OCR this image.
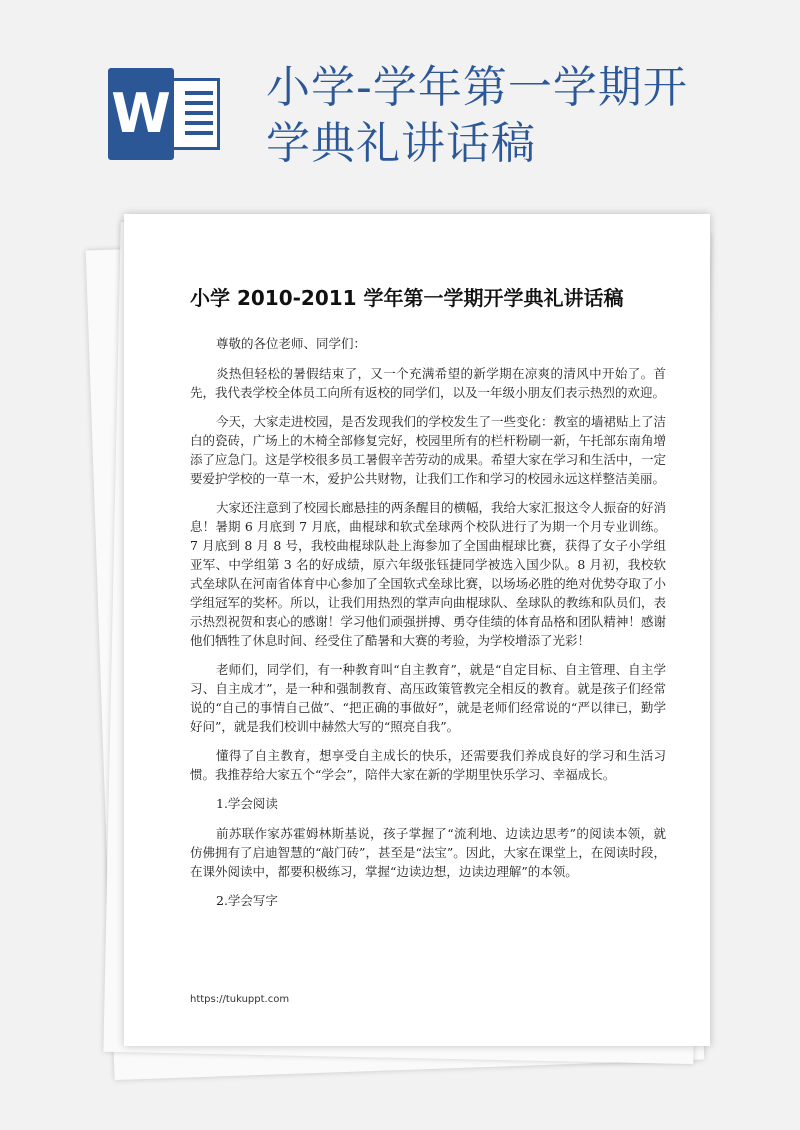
W 小学-学年第一学期开学典礼讲话稿
小学 2010-2011 学年第一学期开学典礼讲话稿

尊敬的各位老师、同学们：

炎热但轻松的暑假结束了，又一个充满希望的新学期在凉爽的清风中开始了。首先，我代表学校全体员工向所有返校的同学们，以及一年级小朋友们表示热烈的欢迎。

今天，大家走进校园，是否发现我们的学校发生了一些变化：教室的墙裙贴上了洁白的瓷砖，广场上的木椅全部修复完好，校园里所有的栏杆粉刷一新，午托部东南角增添了应急门。这是学校很多员工暑假辛苦劳动的成果。希望大家在学习和生活中，一定要爱护学校的一草一木，爱护公共财物，让我们工作和学习的校园永远这样整洁美丽。

大家还注意到了校园长廊悬挂的两条醒目的横幅，我给大家汇报这令人振奋的好消息！暑期 6 月底到 7 月底，曲棍球和软式垒球两个校队进行了为期一个月专业训练。7 月底到 8 月 8 号，我校曲棍球队赴上海参加了全国曲棍球比赛，获得了女子小学组亚军、中学组第 3 名的好成绩，原六年级张钰捷同学被选入国少队。8 月初，我校软式垒球队在河南省体育中心参加了全国软式垒球比赛，以场场必胜的绝对优势夺取了小学组冠军的奖杯。所以，让我们用热烈的掌声向曲棍球队、垒球队的教练和队员们，表示热烈祝贺和衷心的感谢！学习他们顽强拼搏、勇夺佳绩的体育品格和团队精神！感谢他们牺牲了休息时间、经受住了酷暑和大赛的考验，为学校增添了光彩！

老师们，同学们，有一种教育叫“自主教育”，就是“自定目标、自主管理、自主学习、自主成才”，是一种和强制教育、高压政策管教完全相反的教育。就是孩子们经常说的“自己的事情自己做”、“把正确的事做好”，就是老师们经常说的“严以律已，勤学好问”，就是我们校训中赫然大写的“照亮自我”。

懂得了自主教育，想享受自主成长的快乐，还需要我们养成良好的学习和生活习惯。我推荐给大家五个“学会”，陪伴大家在新的学期里快乐学习、幸福成长。

1.学会阅读

前苏联作家苏霍姆林斯基说，孩子掌握了“流利地、边读边思考”的阅读本领，就仿佛拥有了启迪智慧的“敲门砖”，甚至是“法宝”。因此，大家在课堂上，在阅读时段，在课外阅读中，都要积极练习，掌握“边读边想，边读边理解”的本领。

2.学会写字

https://tukuppt.com
